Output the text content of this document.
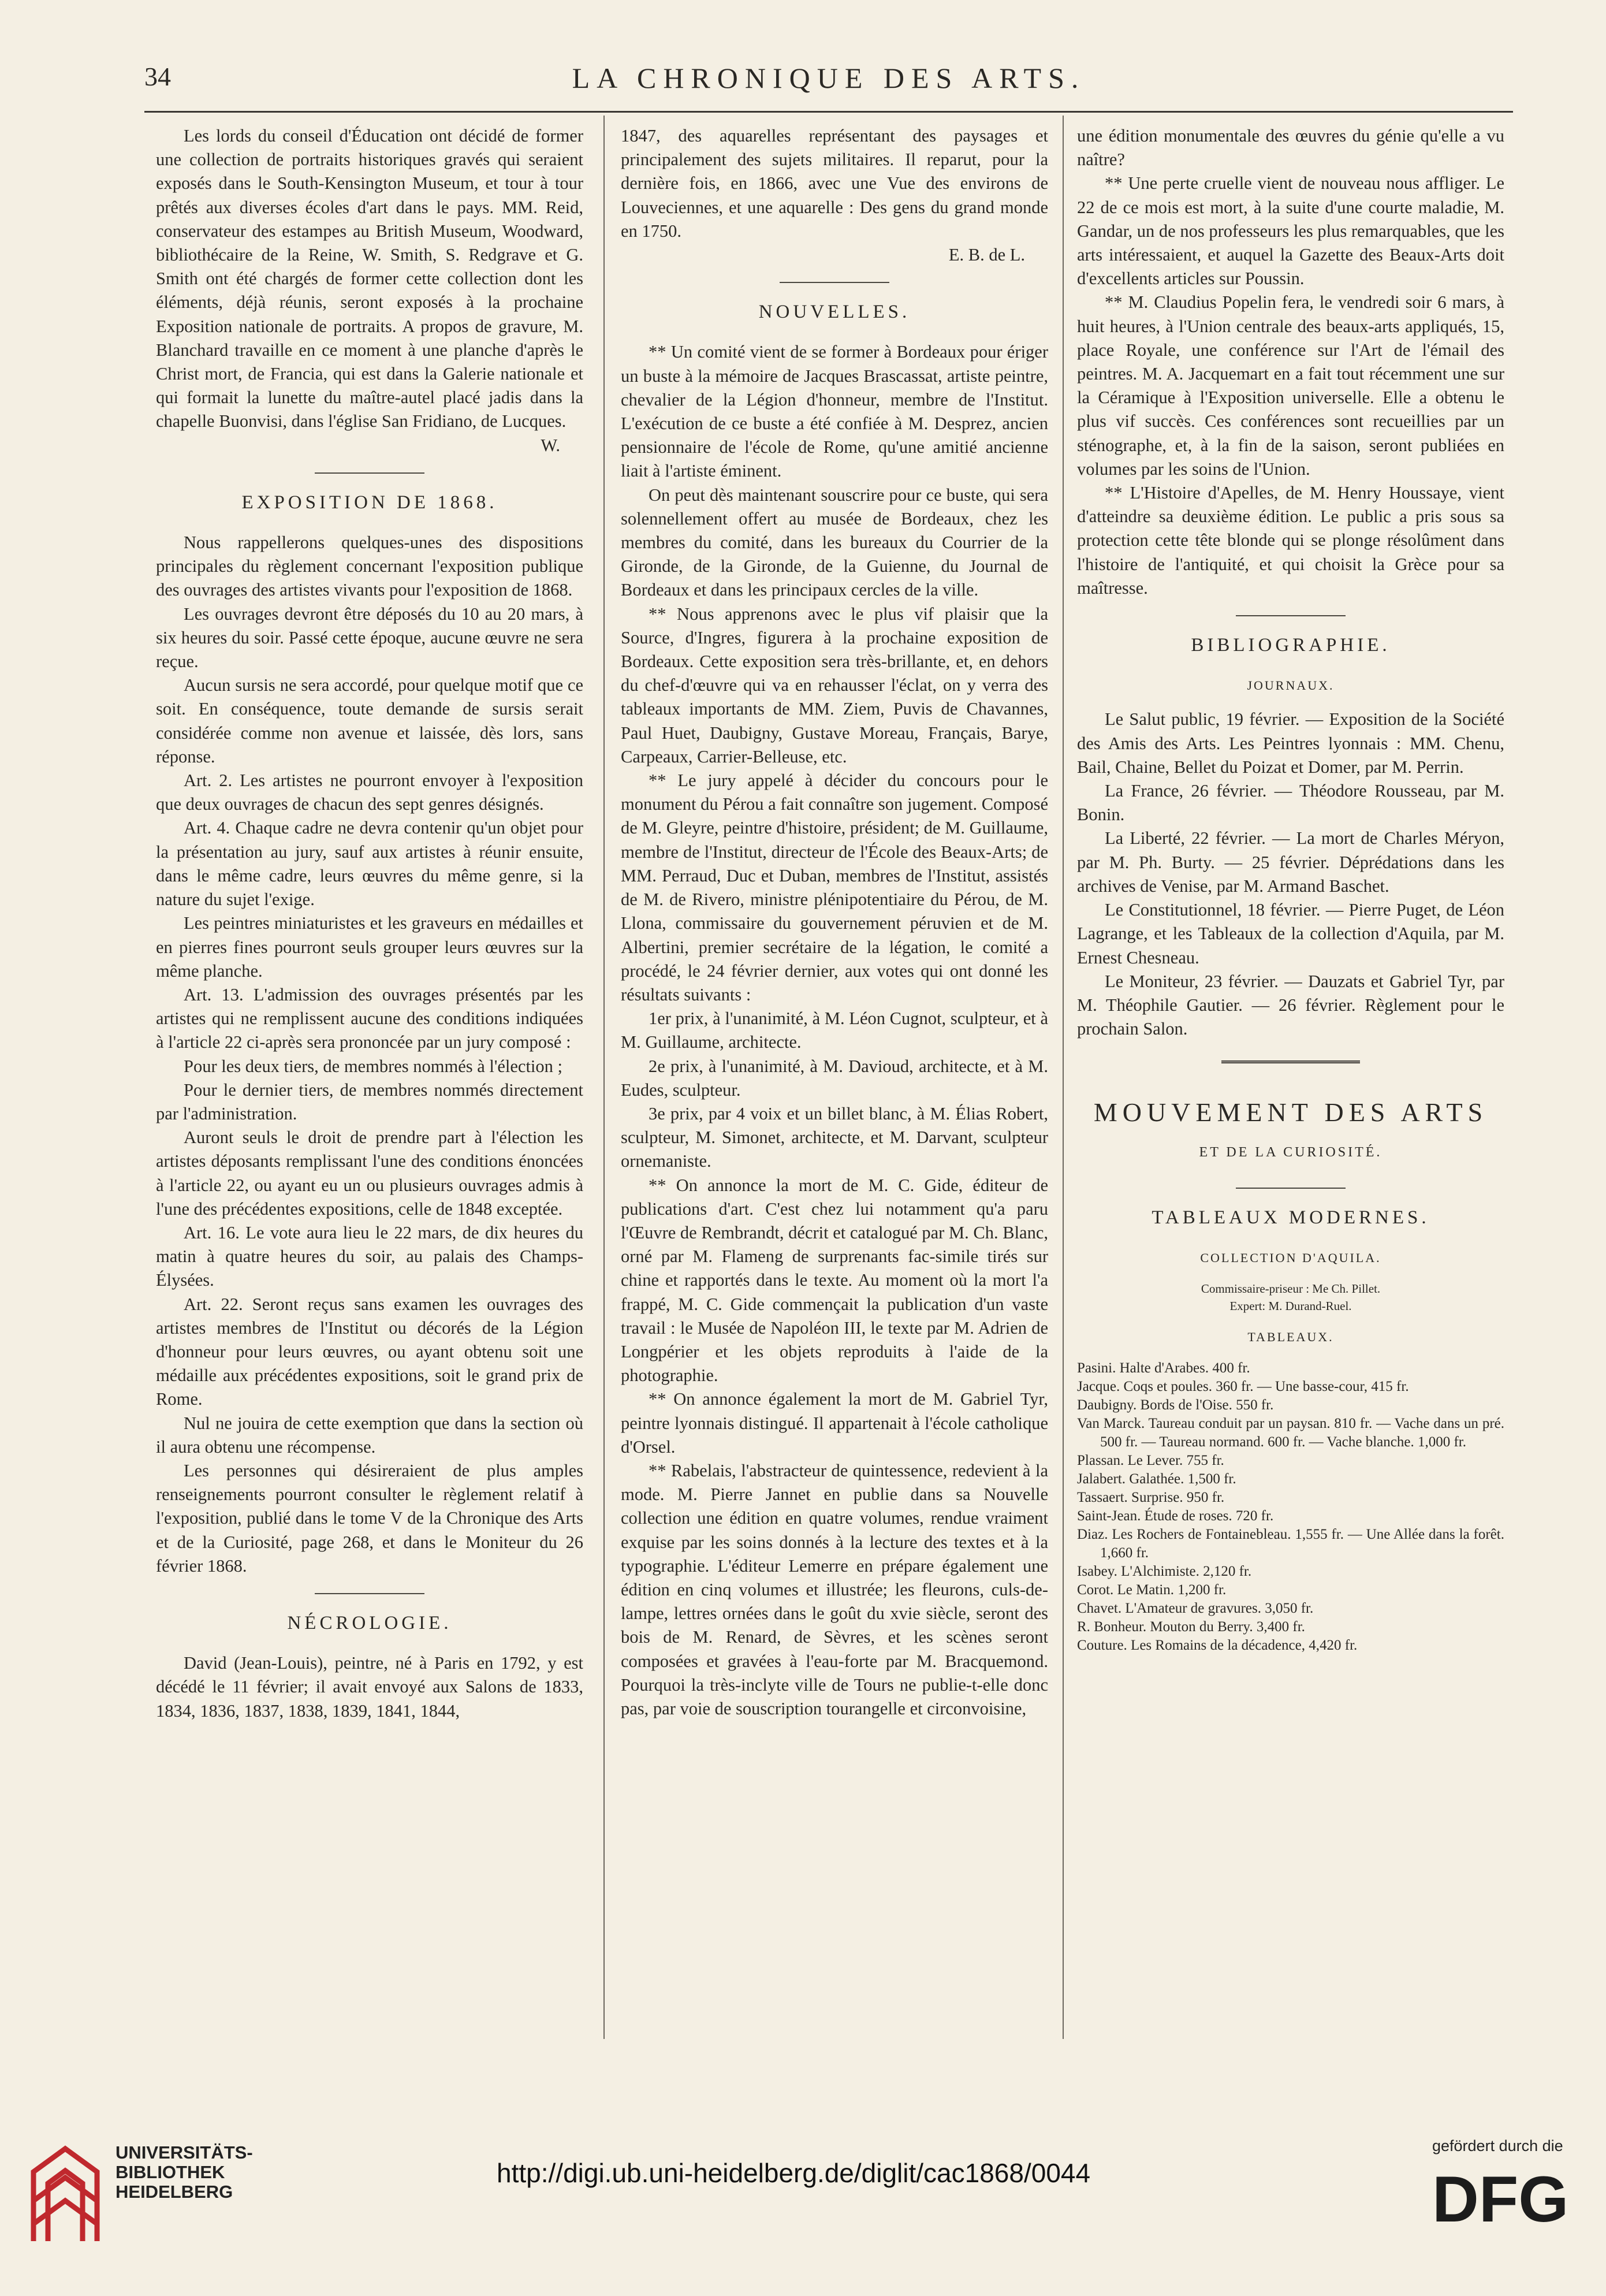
34	LA CHRONIQUE DES ARTS.

Les lords du conseil d'Éducation ont décidé de former une collection de portraits historiques gravés qui seraient exposés dans le South-Kensington Museum, et tour à tour prêtés aux diverses écoles d'art dans le pays. MM. Reid, conservateur des estampes au British Museum, Woodward, bibliothécaire de la Reine, W. Smith, S. Redgrave et G. Smith ont été chargés de former cette collection dont les éléments, déjà réunis, seront exposés à la prochaine Exposition nationale de portraits. A propos de gravure, M. Blanchard travaille en ce moment à une planche d'après le Christ mort, de Francia, qui est dans la Galerie nationale et qui formait la lunette du maître-autel placé jadis dans la chapelle Buonvisi, dans l'église San Fridiano, de Lucques.

W.
EXPOSITION DE 1868.

Nous rappellerons quelques-unes des dispositions principales du règlement concernant l'exposition publique des ouvrages des artistes vivants pour l'exposition de 1868.

Les ouvrages devront être déposés du 10 au 20 mars, à six heures du soir. Passé cette époque, aucune œuvre ne sera reçue.

Aucun sursis ne sera accordé, pour quelque motif que ce soit. En conséquence, toute demande de sursis serait considérée comme non avenue et laissée, dès lors, sans réponse.

Art. 2. Les artistes ne pourront envoyer à l'exposition que deux ouvrages de chacun des sept genres désignés.

Art. 4. Chaque cadre ne devra contenir qu'un objet pour la présentation au jury, sauf aux artistes à réunir ensuite, dans le même cadre, leurs œuvres du même genre, si la nature du sujet l'exige.

Les peintres miniaturistes et les graveurs en médailles et en pierres fines pourront seuls grouper leurs œuvres sur la même planche.

Art. 13. L'admission des ouvrages présentés par les artistes qui ne remplissent aucune des conditions indiquées à l'article 22 ci-après sera prononcée par un jury composé :

Pour les deux tiers, de membres nommés à l'élection ;

Pour le dernier tiers, de membres nommés directement par l'administration.

Auront seuls le droit de prendre part à l'élection les artistes déposants remplissant l'une des conditions énoncées à l'article 22, ou ayant eu un ou plusieurs ouvrages admis à l'une des précédentes expositions, celle de 1848 exceptée.

Art. 16. Le vote aura lieu le 22 mars, de dix heures du matin à quatre heures du soir, au palais des Champs-Élysées.

Art. 22. Seront reçus sans examen les ouvrages des artistes membres de l'Institut ou décorés de la Légion d'honneur pour leurs œuvres, ou ayant obtenu soit une médaille aux précédentes expositions, soit le grand prix de Rome.

Nul ne jouira de cette exemption que dans la section où il aura obtenu une récompense.

Les personnes qui désireraient de plus amples renseignements pourront consulter le règlement relatif à l'exposition, publié dans le tome V de la Chronique des Arts et de la Curiosité, page 268, et dans le Moniteur du 26 février 1868.

NÉCROLOGIE.

David (Jean-Louis), peintre, né à Paris en 1792, y est décédé le 11 février; il avait envoyé aux Salons de 1833, 1834, 1836, 1837, 1838, 1839, 1841, 1844,

1847, des aquarelles représentant des paysages et principalement des sujets militaires. Il reparut, pour la dernière fois, en 1866, avec une Vue des environs de Louveciennes, et une aquarelle : Des gens du grand monde en 1750.

E. B. de L.
NOUVELLES.

** Un comité vient de se former à Bordeaux pour ériger un buste à la mémoire de Jacques Brascassat, artiste peintre, chevalier de la Légion d'honneur, membre de l'Institut. L'exécution de ce buste a été confiée à M. Desprez, ancien pensionnaire de l'école de Rome, qu'une amitié ancienne liait à l'artiste éminent.

On peut dès maintenant souscrire pour ce buste, qui sera solennellement offert au musée de Bordeaux, chez les membres du comité, dans les bureaux du Courrier de la Gironde, de la Gironde, de la Guienne, du Journal de Bordeaux et dans les principaux cercles de la ville.

** Nous apprenons avec le plus vif plaisir que la Source, d'Ingres, figurera à la prochaine exposition de Bordeaux. Cette exposition sera très-brillante, et, en dehors du chef-d'œuvre qui va en rehausser l'éclat, on y verra des tableaux importants de MM. Ziem, Puvis de Chavannes, Paul Huet, Daubigny, Gustave Moreau, Français, Barye, Carpeaux, Carrier-Belleuse, etc.

** Le jury appelé à décider du concours pour le monument du Pérou a fait connaître son jugement. Composé de M. Gleyre, peintre d'histoire, président; de M. Guillaume, membre de l'Institut, directeur de l'École des Beaux-Arts; de MM. Perraud, Duc et Duban, membres de l'Institut, assistés de M. de Rivero, ministre plénipotentiaire du Pérou, de M. Llona, commissaire du gouvernement péruvien et de M. Albertini, premier secrétaire de la légation, le comité a procédé, le 24 février dernier, aux votes qui ont donné les résultats suivants :

1er prix, à l'unanimité, à M. Léon Cugnot, sculpteur, et à M. Guillaume, architecte.

2e prix, à l'unanimité, à M. Davioud, architecte, et à M. Eudes, sculpteur.

3e prix, par 4 voix et un billet blanc, à M. Élias Robert, sculpteur, M. Simonet, architecte, et M. Darvant, sculpteur ornemaniste.

** On annonce la mort de M. C. Gide, éditeur de publications d'art. C'est chez lui notamment qu'a paru l'Œuvre de Rembrandt, décrit et catalogué par M. Ch. Blanc, orné par M. Flameng de surprenants fac-simile tirés sur chine et rapportés dans le texte. Au moment où la mort l'a frappé, M. C. Gide commençait la publication d'un vaste travail : le Musée de Napoléon III, le texte par M. Adrien de Longpérier et les objets reproduits à l'aide de la photographie.

** On annonce également la mort de M. Gabriel Tyr, peintre lyonnais distingué. Il appartenait à l'école catholique d'Orsel.

** Rabelais, l'abstracteur de quintessence, redevient à la mode. M. Pierre Jannet en publie dans sa Nouvelle collection une édition en quatre volumes, rendue vraiment exquise par les soins donnés à la lecture des textes et à la typographie. L'éditeur Lemerre en prépare également une édition en cinq volumes et illustrée; les fleurons, culs-de-lampe, lettres ornées dans le goût du xvie siècle, seront des bois de M. Renard, de Sèvres, et les scènes seront composées et gravées à l'eau-forte par M. Bracquemond. Pourquoi la très-inclyte ville de Tours ne publie-t-elle donc pas, par voie de souscription tourangelle et circonvoisine,

une édition monumentale des œuvres du génie qu'elle a vu naître?

** Une perte cruelle vient de nouveau nous affliger. Le 22 de ce mois est mort, à la suite d'une courte maladie, M. Gandar, un de nos professeurs les plus remarquables, que les arts intéressaient, et auquel la Gazette des Beaux-Arts doit d'excellents articles sur Poussin.

** M. Claudius Popelin fera, le vendredi soir 6 mars, à huit heures, à l'Union centrale des beaux-arts appliqués, 15, place Royale, une conférence sur l'Art de l'émail des peintres. M. A. Jacquemart en a fait tout récemment une sur la Céramique à l'Exposition universelle. Elle a obtenu le plus vif succès. Ces conférences sont recueillies par un sténographe, et, à la fin de la saison, seront publiées en volumes par les soins de l'Union.

** L'Histoire d'Apelles, de M. Henry Houssaye, vient d'atteindre sa deuxième édition. Le public a pris sous sa protection cette tête blonde qui se plonge résolûment dans l'histoire de l'antiquité, et qui choisit la Grèce pour sa maîtresse.

BIBLIOGRAPHIE.
JOURNAUX.

Le Salut public, 19 février. — Exposition de la Société des Amis des Arts. Les Peintres lyonnais : MM. Chenu, Bail, Chaine, Bellet du Poizat et Domer, par M. Perrin.

La France, 26 février. — Théodore Rousseau, par M. Bonin.

La Liberté, 22 février. — La mort de Charles Méryon, par M. Ph. Burty. — 25 février. Déprédations dans les archives de Venise, par M. Armand Baschet.

Le Constitutionnel, 18 février. — Pierre Puget, de Léon Lagrange, et les Tableaux de la collection d'Aquila, par M. Ernest Chesneau.

Le Moniteur, 23 février. — Dauzats et Gabriel Tyr, par M. Théophile Gautier. — 26 février. Règlement pour le prochain Salon.

MOUVEMENT DES ARTS
ET DE LA CURIOSITÉ.
TABLEAUX MODERNES.
COLLECTION D'AQUILA.
Commissaire-priseur : Me Ch. Pillet.
Expert: M. Durand-Ruel.
TABLEAUX.

Pasini. Halte d'Arabes. 400 fr.

Jacque. Coqs et poules. 360 fr. — Une basse-cour, 415 fr.

Daubigny. Bords de l'Oise. 550 fr.

Van Marck. Taureau conduit par un paysan. 810 fr. — Vache dans un pré. 500 fr. — Taureau normand. 600 fr. — Vache blanche. 1,000 fr.

Plassan. Le Lever. 755 fr.

Jalabert. Galathée. 1,500 fr.

Tassaert. Surprise. 950 fr.

Saint-Jean. Étude de roses. 720 fr.

Diaz. Les Rochers de Fontainebleau. 1,555 fr. — Une Allée dans la forêt. 1,660 fr.

Isabey. L'Alchimiste. 2,120 fr.

Corot. Le Matin. 1,200 fr.

Chavet. L'Amateur de gravures. 3,050 fr.

R. Bonheur. Mouton du Berry. 3,400 fr.

Couture. Les Romains de la décadence, 4,420 fr.

UNIVERSITÄTS-
BIBLIOTHEK
HEIDELBERG
http://digi.ub.uni-heidelberg.de/diglit/cac1868/0044
gefördert durch die
DFG
